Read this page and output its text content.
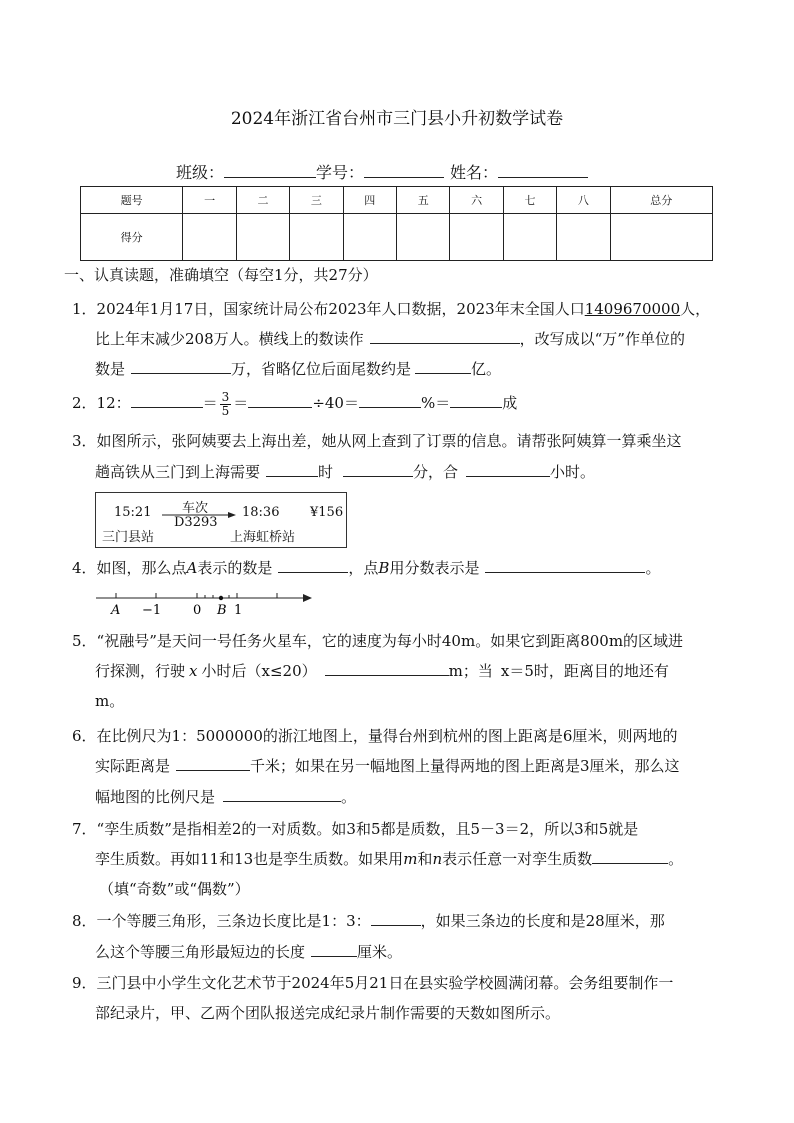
2024年浙江省台州市三门县小升初数学试卷
班级：	学号：	姓名：
题号	一	二	三	四	五	六	七	八	总分
得分									
一、认真读题，准确填空（每空1分，共27分）
1．2024年1月17日，国家统计局公布2023年人口数据，2023年末全国人口1409670000人，
比上年末减少208万人。横线上的数读作	，改写成以“万”作单位的
数是	万，省略亿位后面尾数约是	亿。
2．12：	＝ $\frac{3}{5}$ ＝	÷40＝	%＝	成
3．如图所示，张阿姨要去上海出差，她从网上查到了订票的信息。请帮张阿姨算一算乘坐这
趟高铁从三门到上海需要	时	分，合	小时。
15:21 车次
D3293
18:36 ¥156
三门县站	上海虹桥站
4．如图，那么点A表示的数是	，点B用分数表示是	。
A −1 0 B 1
5．“祝融号”是天问一号任务火星车，它的速度为每小时40m。如果它到距离800m的区域进
行探测，行驶 x 小时后（x≤20）	m；当 x＝5时，距离目的地还有
m。
6．在比例尺为1：5000000的浙江地图上，量得台州到杭州的图上距离是6厘米，则两地的
实际距离是	千米；如果在另一幅地图上量得两地的图上距离是3厘米，那么这
幅地图的比例尺是	。
7．“孪生质数”是指相差2的一对质数。如3和5都是质数，且5－3＝2，所以3和5就是
孪生质数。再如11和13也是孪生质数。如果用m和n表示任意一对孪生质数	。
（填“奇数”或“偶数”）
8．一个等腰三角形，三条边长度比是1：3：	，如果三条边的长度和是28厘米，那
么这个等腰三角形最短边的长度	厘米。
9．三门县中小学生文化艺术节于2024年5月21日在县实验学校圆满闭幕。会务组要制作一
部纪录片，甲、乙两个团队报送完成纪录片制作需要的天数如图所示。
